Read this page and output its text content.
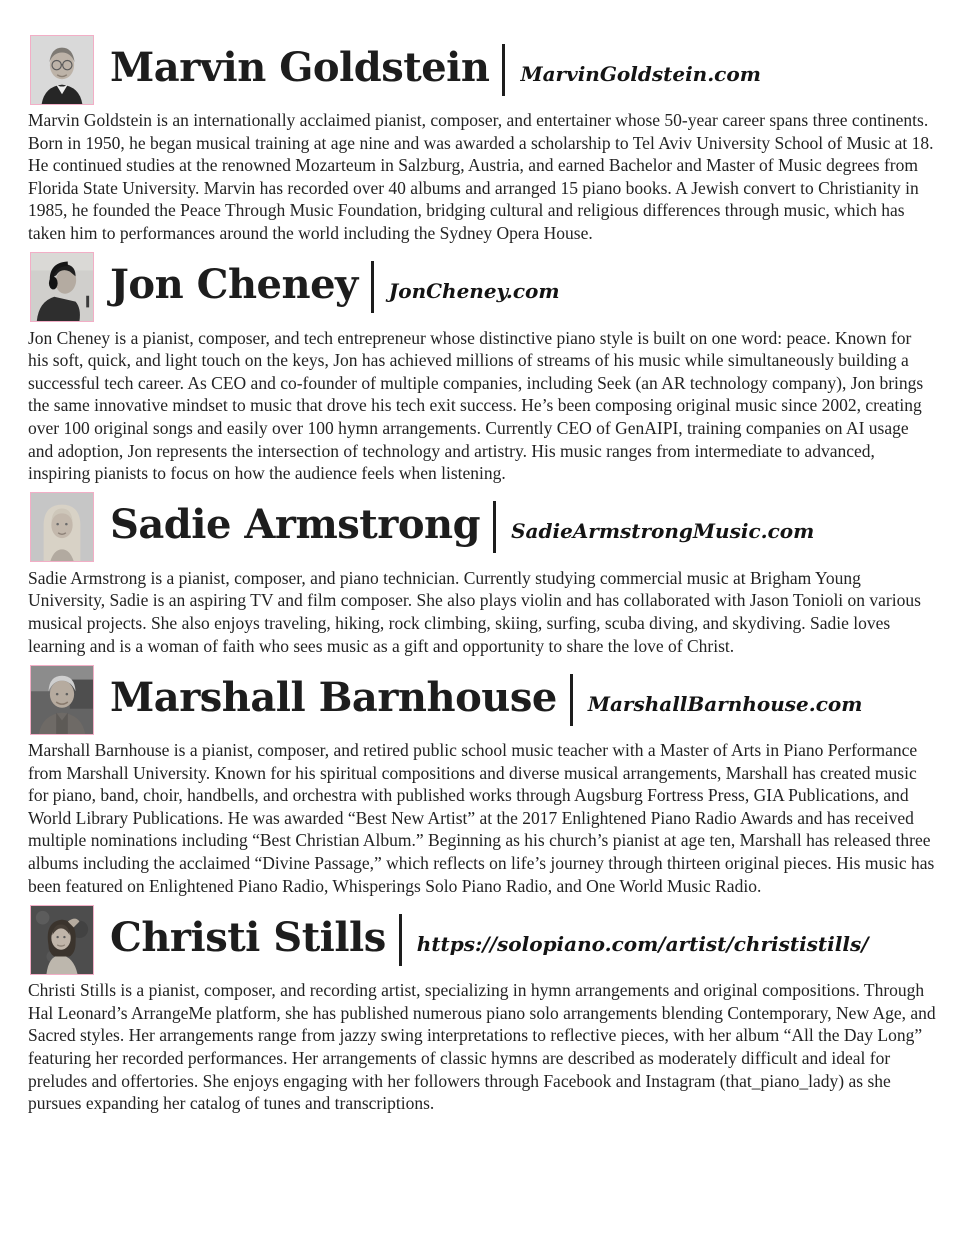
Marvin Goldstein MarvinGoldstein.com

Marvin Goldstein is an internationally acclaimed pianist, composer, and entertainer whose 50-year career spans three continents. Born in 1950, he began musical training at age nine and was awarded a scholarship to Tel Aviv University School of Music at 18. He continued studies at the renowned Mozarteum in Salzburg, Austria, and earned Bachelor and Master of Music degrees from Florida State University. Marvin has recorded over 40 albums and arranged 15 piano books. A Jewish convert to Christianity in 1985, he founded the Peace Through Music Foundation, bridging cultural and religious differences through music, which has taken him to performances around the world including the Sydney Opera House.

Jon Cheney JonCheney.com

Jon Cheney is a pianist, composer, and tech entrepreneur whose distinctive piano style is built on one word: peace. Known for his soft, quick, and light touch on the keys, Jon has achieved millions of streams of his music while simultaneously building a successful tech career. As CEO and co-founder of multiple companies, including Seek (an AR technology company), Jon brings the same innovative mindset to music that drove his tech exit success. He’s been composing original music since 2002, creating over 100 original songs and easily over 100 hymn arrangements. Currently CEO of GenAIPI, training companies on AI usage and adoption, Jon represents the intersection of technology and artistry. His music ranges from intermediate to advanced, inspiring pianists to focus on how the audience feels when listening.

Sadie Armstrong SadieArmstrongMusic.com

Sadie Armstrong is a pianist, composer, and piano technician. Currently studying commercial music at Brigham Young University, Sadie is an aspiring TV and film composer. She also plays violin and has collaborated with Jason Tonioli on various musical projects. She also enjoys traveling, hiking, rock climbing, skiing, surfing, scuba diving, and skydiving. Sadie loves learning and is a woman of faith who sees music as a gift and opportunity to share the love of Christ.

Marshall Barnhouse MarshallBarnhouse.com

Marshall Barnhouse is a pianist, composer, and retired public school music teacher with a Master of Arts in Piano Performance from Marshall University. Known for his spiritual compositions and diverse musical arrangements, Marshall has created music for piano, band, choir, handbells, and orchestra with published works through Augsburg Fortress Press, GIA Publications, and World Library Publications. He was awarded “Best New Artist” at the 2017 Enlightened Piano Radio Awards and has received multiple nominations including “Best Christian Album.” Beginning as his church’s pianist at age ten, Marshall has released three albums including the acclaimed “Divine Passage,” which reflects on life’s journey through thirteen original pieces. His music has been featured on Enlightened Piano Radio, Whisperings Solo Piano Radio, and One World Music Radio.

Christi Stills https://solopiano.com/artist/christistills/

Christi Stills is a pianist, composer, and recording artist, specializing in hymn arrangements and original compositions. Through Hal Leonard’s ArrangeMe platform, she has published numerous piano solo arrangements blending Contemporary, New Age, and Sacred styles. Her arrangements range from jazzy swing interpretations to reflective pieces, with her album “All the Day Long” featuring her recorded performances. Her arrangements of classic hymns are described as moderately difficult and ideal for preludes and offertories. She enjoys engaging with her followers through Facebook and Instagram (that_piano_lady) as she pursues expanding her catalog of tunes and transcriptions.
